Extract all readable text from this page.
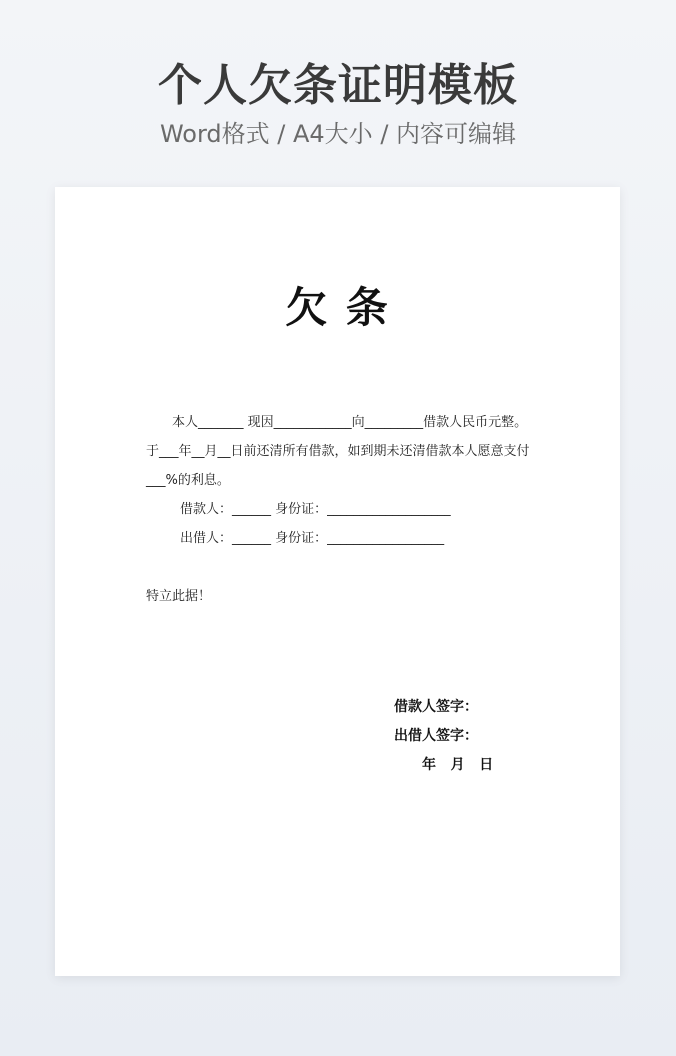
个人欠条证明模板
Word格式 / A4大小 / 内容可编辑
欠 条
本人_______ 现因____________向_________借款人民币元整。于___年__月__日前还清所有借款，如到期未还清借款本人愿意支付___%的利息。
借款人：______ 身份证：___________________
出借人：______ 身份证：__________________
特立此据！
借款人签字：
出借人签字：
年   月   日
